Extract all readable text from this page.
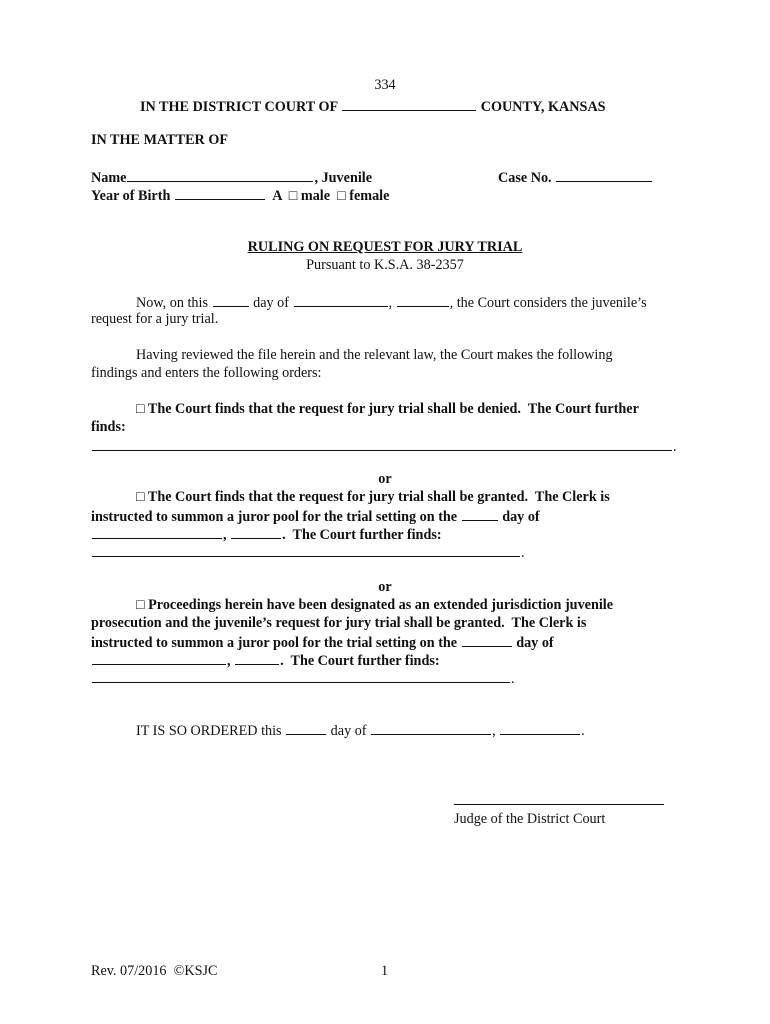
334
IN THE DISTRICT COURT OF	COUNTY, KANSAS
IN THE MATTER OF
Name	, Juvenile	Case No.
Year of Birth	A  □ male  □ female
RULING ON REQUEST FOR JURY TRIAL
Pursuant to K.S.A. 38-2357
Now, on this	day of	,	, the Court considers the juvenile’s
request for a jury trial.
Having reviewed the file herein and the relevant law, the Court makes the following
findings and enters the following orders:
□ The Court finds that the request for jury trial shall be denied.  The Court further
finds:
.
or
□ The Court finds that the request for jury trial shall be granted.  The Clerk is
instructed to summon a juror pool for the trial setting on the	day of
,	.  The Court further finds:
.
or
□ Proceedings herein have been designated as an extended jurisdiction juvenile
prosecution and the juvenile’s request for jury trial shall be granted.  The Clerk is
instructed to summon a juror pool for the trial setting on the	day of
,	.  The Court further finds:
.
IT IS SO ORDERED this	day of	,	.
Judge of the District Court
Rev. 07/2016  ©KSJC	1
